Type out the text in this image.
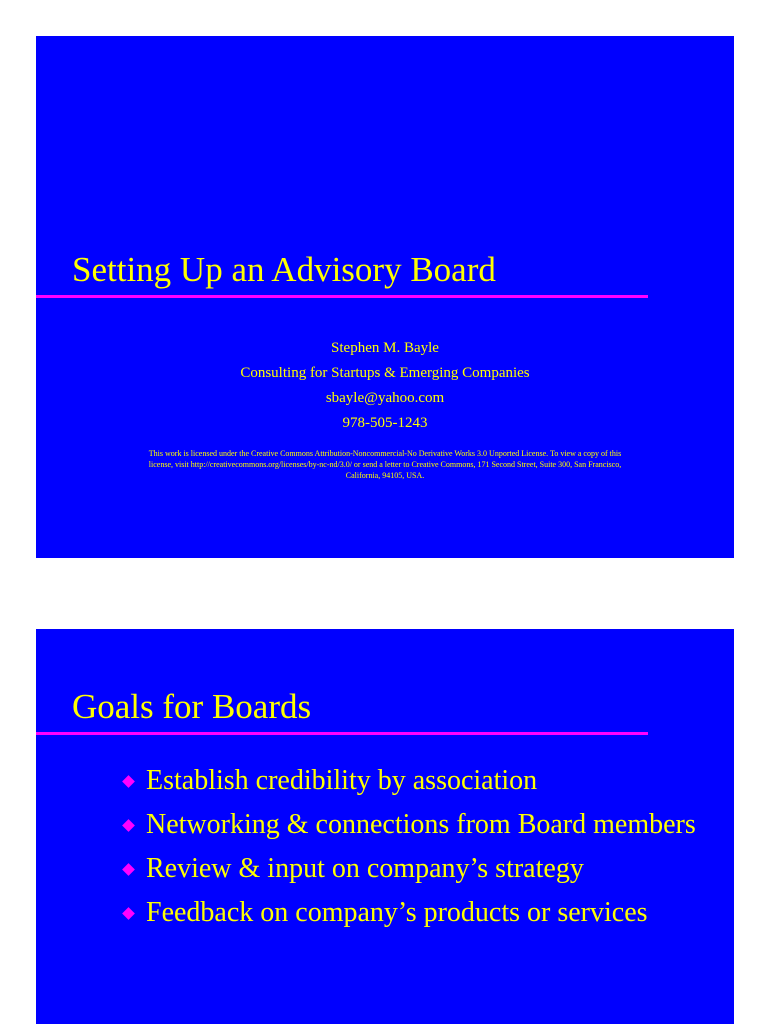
Setting Up an Advisory Board
Stephen M. Bayle
Consulting for Startups & Emerging Companies
sbayle@yahoo.com
978-505-1243
This work is licensed under the Creative Commons Attribution-Noncommercial-No Derivative Works 3.0 Unported License. To view a copy of this license, visit http://creativecommons.org/licenses/by-nc-nd/3.0/ or send a letter to Creative Commons, 171 Second Street, Suite 300, San Francisco, California, 94105, USA.
Goals for Boards
Establish credibility by association
Networking & connections from Board members
Review & input on company’s strategy
Feedback on company’s products or services
